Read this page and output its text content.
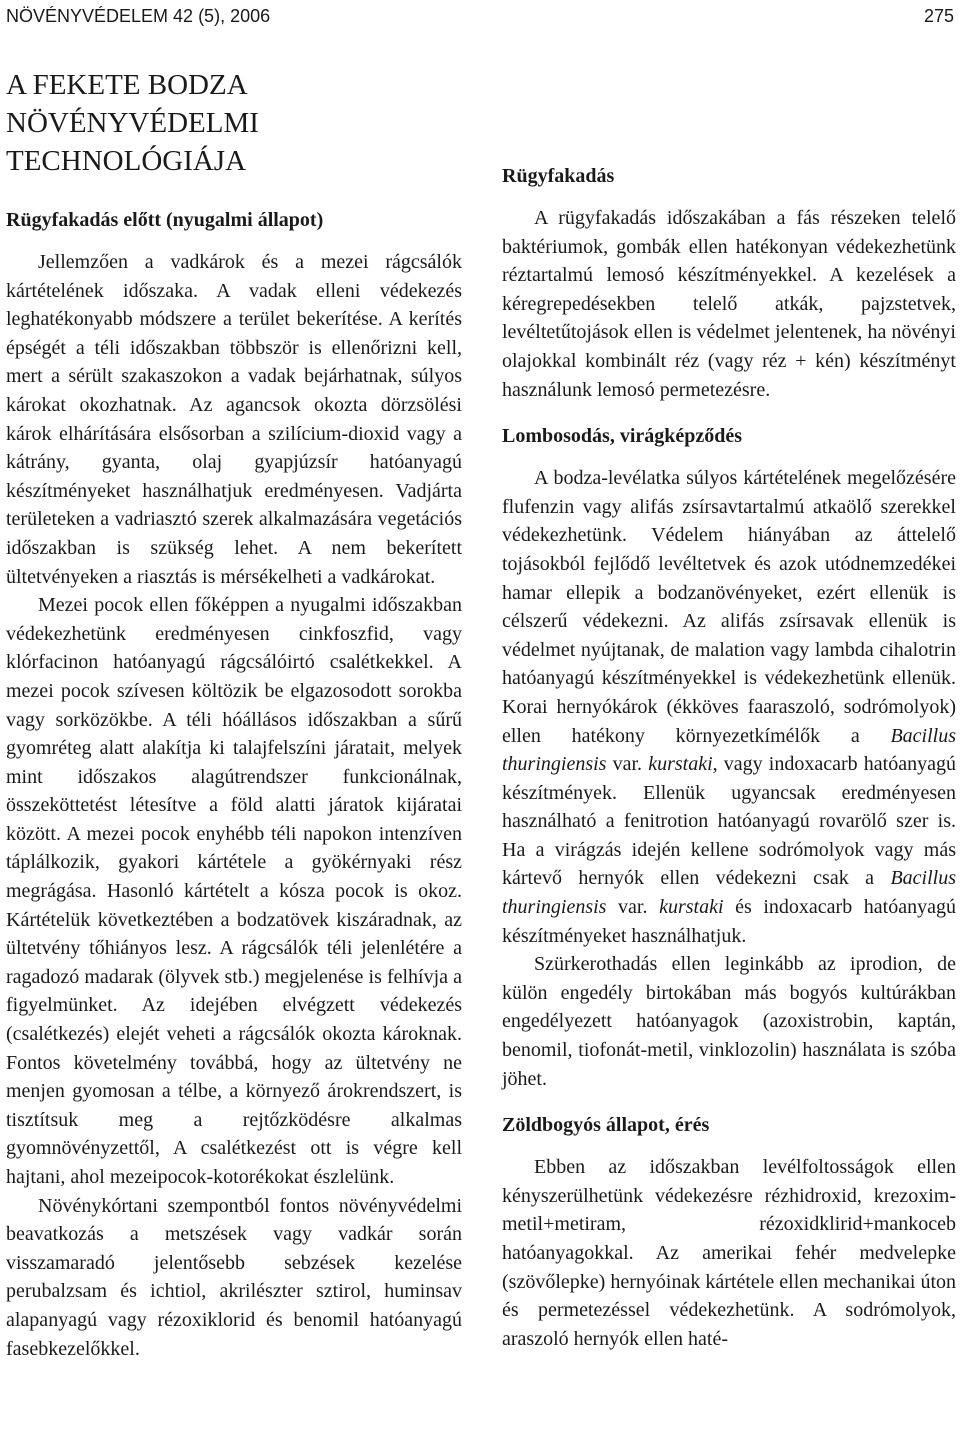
NÖVÉNYVÉDELEM 42 (5), 2006	275
A FEKETE BODZA NÖVÉNYVÉDELMI TECHNOLÓGIÁJA
Rügyfakadás előtt (nyugalmi állapot)

Jellemzően a vadkárok és a mezei rágcsálók kártételének időszaka. A vadak elleni védekezés leghatékonyabb módszere a terület bekerítése. A kerítés épségét a téli időszakban többször is ellenőrizni kell, mert a sérült szakaszokon a vadak bejárhatnak, súlyos károkat okozhatnak. Az agancsok okozta dörzsölési károk elhárítására elsősorban a szilícium-dioxid vagy a kátrány, gyanta, olaj gyapjúzsír hatóanyagú készítményeket használhatjuk eredményesen. Vadjárta területeken a vadriasztó szerek alkalmazására vegetációs időszakban is szükség lehet. A nem bekerített ültetvényeken a riasztás is mérsékelheti a vadkárokat.

Mezei pocok ellen főképpen a nyugalmi időszakban védekezhetünk eredményesen cinkfoszfid, vagy klórfacinon hatóanyagú rágcsálóirtó csalétkekkel. A mezei pocok szívesen költözik be elgazosodott sorokba vagy sorközökbe. A téli hóállásos időszakban a sűrű gyomréteg alatt alakítja ki talajfelszíni járatait, melyek mint időszakos alagútrendszer funkcionálnak, összeköttetést létesítve a föld alatti járatok kijáratai között. A mezei pocok enyhébb téli napokon intenzíven táplálkozik, gyakori kártétele a gyökérnyaki rész megrágása. Hasonló kártételt a kósza pocok is okoz. Kártételük következtében a bodzatövek kiszáradnak, az ültetvény tőhiányos lesz. A rágcsálók téli jelenlétére a ragadozó madarak (ölyvek stb.) megjelenése is felhívja a figyelmünket. Az idejében elvégzett védekezés (csalétkezés) elejét veheti a rágcsálók okozta károknak. Fontos követelmény továbbá, hogy az ültetvény ne menjen gyomosan a télbe, a környező árokrendszert, is tisztítsuk meg a rejtőzködésre alkalmas gyomnövényzettől, A csalétkezést ott is végre kell hajtani, ahol mezeipocok-kotorékokat észlelünk.

Növénykórtani szempontból fontos növényvédelmi beavatkozás a metszések vagy vadkár során visszamaradó jelentősebb sebzések kezelése perubalzsam és ichtiol, akrilészter sztirol, huminsav alapanyagú vagy rézoxiklorid és benomil hatóanyagú fasebkezelőkkel.

Rügyfakadás

A rügyfakadás időszakában a fás részeken telelő baktériumok, gombák ellen hatékonyan védekezhetünk réztartalmú lemosó készítményekkel. A kezelések a kéregrepedésekben telelő atkák, pajzstetvek, levéltetűtojások ellen is védelmet jelentenek, ha növényi olajokkal kombinált réz (vagy réz + kén) készítményt használunk lemosó permetezésre.

Lombosodás, virágképződés

A bodza-levélatka súlyos kártételének megelőzésére flufenzin vagy alifás zsírsavtartalmú atkaölő szerekkel védekezhetünk. Védelem hiányában az áttelelő tojásokból fejlődő levéltetvek és azok utódnemzedékei hamar ellepik a bodzanövényeket, ezért ellenük is célszerű védekezni. Az alifás zsírsavak ellenük is védelmet nyújtanak, de malation vagy lambda cihalotrin hatóanyagú készítményekkel is védekezhetünk ellenük. Korai hernyókárok (ékköves faaraszoló, sodrómolyok) ellen hatékony környezetkímélők a Bacillus thuringiensis var. kurstaki, vagy indoxacarb hatóanyagú készítmények. Ellenük ugyancsak eredményesen használható a fenitrotion hatóanyagú rovarölő szer is. Ha a virágzás idején kellene sodrómolyok vagy más kártevő hernyók ellen védekezni csak a Bacillus thuringiensis var. kurstaki és indoxacarb hatóanyagú készítményeket használhatjuk.

Szürkerothadás ellen leginkább az iprodion, de külön engedély birtokában más bogyós kultúrákban engedélyezett hatóanyagok (azoxistrobin, kaptán, benomil, tiofonát-metil, vinklozolin) használata is szóba jöhet.

Zöldbogyós állapot, érés

Ebben az időszakban levélfoltosságok ellen kényszerülhetünk védekezésre rézhidroxid, krezoxim-metil+metiram, rézoxidklirid+mankoceb hatóanyagokkal. Az amerikai fehér medvelepke (szövőlepke) hernyóinak kártétele ellen mechanikai úton és permetezéssel védekezhetünk. A sodrómolyok, araszoló hernyók ellen haté-
